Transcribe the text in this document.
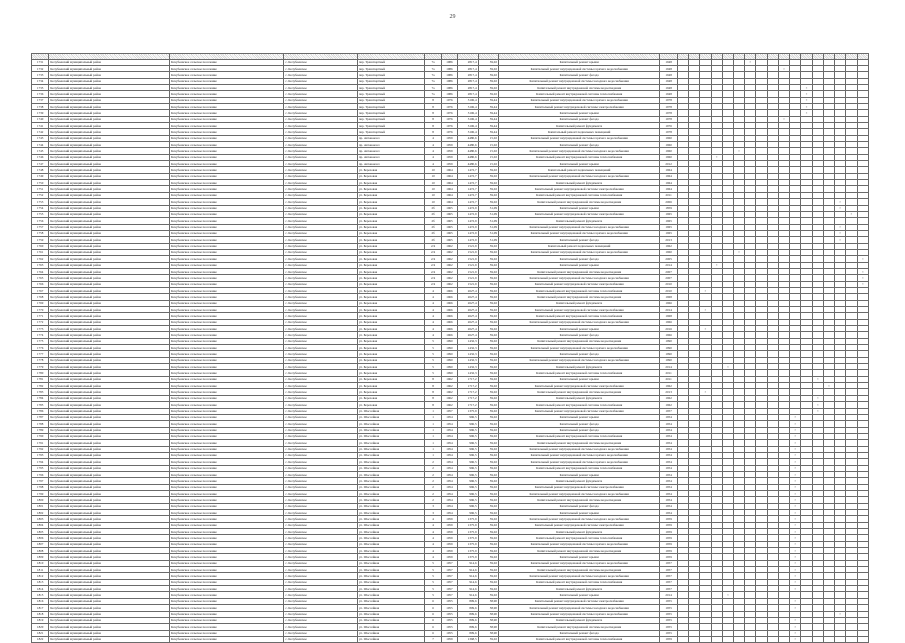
29

1731	Кочубеевский муниципальный район	Кочубеевское сельское поселение	с. Кочубеевское	пер. Транспортный	7а	1986	2817,4	59,02	Капитальный ремонт крыши	1948							×										
1732	Кочубеевский муниципальный район	Кочубеевское сельское поселение	с. Кочубеевское	пер. Транспортный	7а	1986	2817,4	59,02	Капитальный ремонт внутридомовой системы горячего водоснабжения	1948										×							
1733	Кочубеевский муниципальный район	Кочубеевское сельское поселение	с. Кочубеевское	пер. Транспортный	7а	1986	2817,4	59,02	Капитальный ремонт фасада	1948																	
1734	Кочубеевский муниципальный район	Кочубеевское сельское поселение	с. Кочубеевское	пер. Транспортный	7а	1986	2817,4	59,02	Капитальный ремонт внутридомовой системы холодного водоснабжения	1948																	
1735	Кочубеевский муниципальный район	Кочубеевское сельское поселение	с. Кочубеевское	пер. Транспортный	7а	1986	2817,4	59,02	Капитальный ремонт внутридомовой системы водоотведения	1948												×					
1736	Кочубеевский муниципальный район	Кочубеевское сельское поселение	с. Кочубеевское	пер. Транспортный	7а	1986	2817,4	59,02	Капитальный ремонт внутридомовой системы теплоснабжения	1948												×					
1737	Кочубеевский муниципальный район	Кочубеевское сельское поселение	с. Кочубеевское	пер. Транспортный	8	1976	3106,4	59,44	Капитальный ремонт внутридомовой системы горячего водоснабжения	1978												×					
1738	Кочубеевский муниципальный район	Кочубеевское сельское поселение	с. Кочубеевское	пер. Транспортный	8	1976	3106,4	59,44	Капитальный ремонт внутридомовой системы электроснабжения	1978												×					
1739	Кочубеевский муниципальный район	Кочубеевское сельское поселение	с. Кочубеевское	пер. Транспортный	8	1976	3106,4	59,44	Капитальный ремонт крыши	1978												×					
1740	Кочубеевский муниципальный район	Кочубеевское сельское поселение	с. Кочубеевское	пер. Транспортный	8	1976	3106,4	59,44	Капитальный ремонт фасада	1978										×							
1741	Кочубеевский муниципальный район	Кочубеевское сельское поселение	с. Кочубеевское	пер. Транспортный	8	1976	3106,4	59,44	Капитальный ремонт фундамента	1976																	
1742	Кочубеевский муниципальный район	Кочубеевское сельское поселение	с. Кочубеевское	пер. Транспортный	8	1976	3106,4	59,44	Капитальный ремонт подвальных помещений	1978																	
1743	Кочубеевский муниципальный район	Кочубеевское сельское поселение	с. Кочубеевское	пр. Автовокзал	4	1959	4480,6	15,02	Капитальный ремонт внутридомовой системы горячего водоснабжения	1960																	
1744	Кочубеевский муниципальный район	Кочубеевское сельское поселение	с. Кочубеевское	пр. Автовокзал	4	1959	4480,6	15,02	Капитальный ремонт фасада	1960																	
1745	Кочубеевский муниципальный район	Кочубеевское сельское поселение	с. Кочубеевское	пр. Автовокзал	4	1959	4480,6	15,02	Капитальный ремонт внутридомовой системы холодного водоснабжения	1960						×											
1746	Кочубеевский муниципальный район	Кочубеевское сельское поселение	с. Кочубеевское	пр. Автовокзал	4	1959	4480,6	15,02	Капитальный ремонт внутридомовой системы теплоснабжения	1960				×													
1747	Кочубеевский муниципальный район	Кочубеевское сельское поселение	с. Кочубеевское	пр. Автовокзал	4	1959	4480,6	15,02	Капитальный ремонт крыши	2012																	
1748	Кочубеевский муниципальный район	Кочубеевское сельское поселение	с. Кочубеевское	ул. Березовая	10	1964	1472,7	59,02	Капитальный ремонт подвальных помещений	1964																	
1749	Кочубеевский муниципальный район	Кочубеевское сельское поселение	с. Кочубеевское	ул. Березовая	10	1964	1472,7	59,02	Капитальный ремонт внутридомовой системы холодного водоснабжения	1964																	
1750	Кочубеевский муниципальный район	Кочубеевское сельское поселение	с. Кочубеевское	ул. Березовая	10	1964	1472,7	59,02	Капитальный ремонт фундамента	1964																	
1751	Кочубеевский муниципальный район	Кочубеевское сельское поселение	с. Кочубеевское	ул. Березовая	10	1964	1472,7	59,02	Капитальный ремонт внутридомовой системы электроснабжения	1964																	
1752	Кочубеевский муниципальный район	Кочубеевское сельское поселение	с. Кочубеевское	ул. Березовая	10	1964	1472,7	59,02	Капитальный ремонт внутридомовой системы теплоснабжения	2011																	
1753	Кочубеевский муниципальный район	Кочубеевское сельское поселение	с. Кочубеевское	ул. Березовая	10	1964	1472,7	59,02	Капитальный ремонт внутридомовой системы водоотведения	2006															×		
1754	Кочубеевский муниципальный район	Кочубеевское сельское поселение	с. Кочубеевское	ул. Березовая	2б	1965	1472,9	31,09	Капитальный ремонт крыши	1859															×		
1755	Кочубеевский муниципальный район	Кочубеевское сельское поселение	с. Кочубеевское	ул. Березовая	2б	1965	1472,9	31,09	Капитальный ремонт внутридомовой системы электроснабжения	1965																×	
1756	Кочубеевский муниципальный район	Кочубеевское сельское поселение	с. Кочубеевское	ул. Березовая	2б	1965	1472,9	31,09	Капитальный ремонт фундамента	1965																	
1757	Кочубеевский муниципальный район	Кочубеевское сельское поселение	с. Кочубеевское	ул. Березовая	2б	1965	1472,9	31,09	Капитальный ремонт внутридомовой системы холодного водоснабжения	1965															×		
1758	Кочубеевский муниципальный район	Кочубеевское сельское поселение	с. Кочубеевское	ул. Березовая	2б	1965	1472,9	31,09	Капитальный ремонт внутридомовой системы горячего водоснабжения	1965															×		
1759	Кочубеевский муниципальный район	Кочубеевское сельское поселение	с. Кочубеевское	ул. Березовая	2б	1965	1472,9	31,09	Капитальный ремонт фасада	2013															×		
1760	Кочубеевский муниципальный район	Кочубеевское сельское поселение	с. Кочубеевское	ул. Березовая	2/4	1962	1521,9	59,02	Капитальный ремонт подвальных помещений	1962																	
1761	Кочубеевский муниципальный район	Кочубеевское сельское поселение	с. Кочубеевское	ул. Березовая	2/4	1962	1521,9	59,02	Капитальный ремонт внутридомовой системы горячего водоснабжения	1960						×											
1762	Кочубеевский муниципальный район	Кочубеевское сельское поселение	с. Кочубеевское	ул. Березовая	2/4	1962	1521,9	59,02	Капитальный ремонт фасада	2005																	×
1763	Кочубеевский муниципальный район	Кочубеевское сельское поселение	с. Кочубеевское	ул. Березовая	2/4	1962	1521,9	59,02	Капитальный ремонт крыши	2014				×													
1764	Кочубеевский муниципальный район	Кочубеевское сельское поселение	с. Кочубеевское	ул. Березовая	2/4	1962	1521,9	59,02	Капитальный ремонт внутридомовой системы водоотведения	2007																	×
1765	Кочубеевский муниципальный район	Кочубеевское сельское поселение	с. Кочубеевское	ул. Березовая	2/4	1962	1521,9	59,02	Капитальный ремонт внутридомовой системы холодного водоснабжения	2007																	×
1766	Кочубеевский муниципальный район	Кочубеевское сельское поселение	с. Кочубеевское	ул. Березовая	2/4	1962	1521,9	59,02	Капитальный ремонт внутридомовой системы электроснабжения	2010																	×
1767	Кочубеевский муниципальный район	Кочубеевское сельское поселение	с. Кочубеевское	ул. Березовая	4	1966	2627,4	59,02	Капитальный ремонт внутридомовой системы теплоснабжения	2010			×														
1768	Кочубеевский муниципальный район	Кочубеевское сельское поселение	с. Кочубеевское	ул. Березовая	4	1966	2627,4	59,02	Капитальный ремонт внутридомовой системы водоотведения	1968																	
1769	Кочубеевский муниципальный район	Кочубеевское сельское поселение	с. Кочубеевское	ул. Березовая	4	1966	2627,4	59,02	Капитальный ремонт фундамента	1966																	
1770	Кочубеевский муниципальный район	Кочубеевское сельское поселение	с. Кочубеевское	ул. Березовая	4	1966	2627,4	59,02	Капитальный ремонт внутридомовой системы электроснабжения	2014			×														
1771	Кочубеевский муниципальный район	Кочубеевское сельское поселение	с. Кочубеевское	ул. Березовая	4	1966	2627,4	59,02	Капитальный ремонт внутридомовой системы теплоснабжения	1968																	
1772	Кочубеевский муниципальный район	Кочубеевское сельское поселение	с. Кочубеевское	ул. Березовая	4	1966	2627,4	59,02	Капитальный ремонт внутридомовой системы холодного водоснабжения	1966																	
1773	Кочубеевский муниципальный район	Кочубеевское сельское поселение	с. Кочубеевское	ул. Березовая	4	1966	2627,4	59,02	Капитальный ремонт крыши	2016			×														
1774	Кочубеевский муниципальный район	Кочубеевское сельское поселение	с. Кочубеевское	ул. Березовая	4	1966	2627,4	59,02	Капитальный ремонт фасада	1966																	
1775	Кочубеевский муниципальный район	Кочубеевское сельское поселение	с. Кочубеевское	ул. Березовая	5	1990	1432,3	59,02	Капитальный ремонт внутридомовой системы водоотведения	1990																	
1776	Кочубеевский муниципальный район	Кочубеевское сельское поселение	с. Кочубеевское	ул. Березовая	5	1990	1432,3	59,02	Капитальный ремонт внутридомовой системы горячего водоснабжения	1990																	
1777	Кочубеевский муниципальный район	Кочубеевское сельское поселение	с. Кочубеевское	ул. Березовая	5	1990	1432,3	59,02	Капитальный ремонт фасада	1990																	
1778	Кочубеевский муниципальный район	Кочубеевское сельское поселение	с. Кочубеевское	ул. Березовая	5	1990	1432,3	59,02	Капитальный ремонт внутридомовой системы холодного водоснабжения	1990																	
1779	Кочубеевский муниципальный район	Кочубеевское сельское поселение	с. Кочубеевское	ул. Березовая	5	1990	1432,3	59,02	Капитальный ремонт фундамента	2014					×												
1780	Кочубеевский муниципальный район	Кочубеевское сельское поселение	с. Кочубеевское	ул. Березовая	5	1990	1432,3	59,02	Капитальный ремонт внутридомовой системы теплоснабжения	2011																	
1781	Кочубеевский муниципальный район	Кочубеевское сельское поселение	с. Кочубеевское	ул. Березовая	8	1962	1717,2	59,02	Капитальный ремонт крыши	2011													×				
1782	Кочубеевский муниципальный район	Кочубеевское сельское поселение	с. Кочубеевское	ул. Березовая	8	1962	1717,2	59,02	Капитальный ремонт внутридомовой системы электроснабжения	1962														×			
1783	Кочубеевский муниципальный район	Кочубеевское сельское поселение	с. Кочубеевское	ул. Березовая	8	1962	1717,2	59,02	Капитальный ремонт внутридомовой системы водоотведения	2013			×														
1784	Кочубеевский муниципальный район	Кочубеевское сельское поселение	с. Кочубеевское	ул. Березовая	8	1962	1717,2	59,02	Капитальный ремонт фундамента	1962													×				
1785	Кочубеевский муниципальный район	Кочубеевское сельское поселение	с. Кочубеевское	ул. Березовая	8	1962	1717,2	59,02	Капитальный ремонт внутридомовой системы теплоснабжения	1962													×				
1786	Кочубеевский муниципальный район	Кочубеевское сельское поселение	с. Кочубеевское	ул. Шоссейная	1	1957	1375,9	59,02	Капитальный ремонт внутридомовой системы электроснабжения	1957													×				
1787	Кочубеевский муниципальный район	Кочубеевское сельское поселение	с. Кочубеевское	ул. Шоссейная	1	1954	996,5	59,02	Капитальный ремонт крыши	1954											×						
1788	Кочубеевский муниципальный район	Кочубеевское сельское поселение	с. Кочубеевское	ул. Шоссейная	1	1954	996,5	59,02	Капитальный ремонт фасада	1954											×						
1789	Кочубеевский муниципальный район	Кочубеевское сельское поселение	с. Кочубеевское	ул. Шоссейная	1	1954	996,5	59,02	Капитальный ремонт фасада	1954											×						
1790	Кочубеевский муниципальный район	Кочубеевское сельское поселение	с. Кочубеевское	ул. Шоссейная	1	1954	996,5	59,02	Капитальный ремонт внутридомовой системы теплоснабжения	1954											×						
1791	Кочубеевский муниципальный район	Кочубеевское сельское поселение	с. Кочубеевское	ул. Шоссейная	1	1954	996,5	59,02	Капитальный ремонт внутридомовой системы водоотведения	1954											×						
1792	Кочубеевский муниципальный район	Кочубеевское сельское поселение	с. Кочубеевское	ул. Шоссейная	1	1954	996,5	59,02	Капитальный ремонт внутридомовой системы холодного водоснабжения	1954											×						
1793	Кочубеевский муниципальный район	Кочубеевское сельское поселение	с. Кочубеевское	ул. Шоссейная	1	1954	996,5	59,02	Капитальный ремонт внутридомовой системы горячего водоснабжения	1954											×						
1794	Кочубеевский муниципальный район	Кочубеевское сельское поселение	с. Кочубеевское	ул. Шоссейная	2	1954	996,5	59,02	Капитальный ремонт внутридомовой системы горячего водоснабжения	1954											×						
1795	Кочубеевский муниципальный район	Кочубеевское сельское поселение	с. Кочубеевское	ул. Шоссейная	2	1954	996,5	59,02	Капитальный ремонт внутридомовой системы теплоснабжения	1954											×						
1796	Кочубеевский муниципальный район	Кочубеевское сельское поселение	с. Кочубеевское	ул. Шоссейная	2	1954	996,5	59,02	Капитальный ремонт крыши	1954											×						
1797	Кочубеевский муниципальный район	Кочубеевское сельское поселение	с. Кочубеевское	ул. Шоссейная	2	1954	996,5	59,02	Капитальный ремонт фундамента	1954											×						
1798	Кочубеевский муниципальный район	Кочубеевское сельское поселение	с. Кочубеевское	ул. Шоссейная	2	1954	996,5	59,02	Капитальный ремонт внутридомовой системы электроснабжения	1954											×						
1799	Кочубеевский муниципальный район	Кочубеевское сельское поселение	с. Кочубеевское	ул. Шоссейная	2	1954	996,5	59,02	Капитальный ремонт внутридомовой системы холодного водоснабжения	1954											×						
1800	Кочубеевский муниципальный район	Кочубеевское сельское поселение	с. Кочубеевское	ул. Шоссейная	2	1954	996,5	59,02	Капитальный ремонт внутридомовой системы водоотведения	1954											×						
1801	Кочубеевский муниципальный район	Кочубеевское сельское поселение	с. Кочубеевское	ул. Шоссейная	3	1954	996,5	59,02	Капитальный ремонт фасада	1954											×						
1802	Кочубеевский муниципальный район	Кочубеевское сельское поселение	с. Кочубеевское	ул. Шоссейная	3	1954	996,5	59,02	Капитальный ремонт крыши	1954											×						
1803	Кочубеевский муниципальный район	Кочубеевское сельское поселение	с. Кочубеевское	ул. Шоссейная	4	1959	1375,9	59,02	Капитальный ремонт внутридомовой системы холодного водоснабжения	1959											×						
1804	Кочубеевский муниципальный район	Кочубеевское сельское поселение	с. Кочубеевское	ул. Шоссейная	4	1959	1375,9	59,02	Капитальный ремонт внутридомовой системы электроснабжения	1959											×						
1805	Кочубеевский муниципальный район	Кочубеевское сельское поселение	с. Кочубеевское	ул. Шоссейная	4	1959	1375,9	59,02	Капитальный ремонт фундамента	1959											×						
1806	Кочубеевский муниципальный район	Кочубеевское сельское поселение	с. Кочубеевское	ул. Шоссейная	4	1959	1375,9	59,02	Капитальный ремонт внутридомовой системы теплоснабжения	1959											×						
1807	Кочубеевский муниципальный район	Кочубеевское сельское поселение	с. Кочубеевское	ул. Шоссейная	4	1959	1375,9	59,02	Капитальный ремонт внутридомовой системы горячего водоснабжения	1959											×						
1808	Кочубеевский муниципальный район	Кочубеевское сельское поселение	с. Кочубеевское	ул. Шоссейная	4	1959	1375,9	59,02	Капитальный ремонт внутридомовой системы водоотведения	1959											×						
1809	Кочубеевский муниципальный район	Кочубеевское сельское поселение	с. Кочубеевское	ул. Шоссейная	4	1959	1375,9	59,02	Капитальный ремонт крыши	1959											×						
1810	Кочубеевский муниципальный район	Кочубеевское сельское поселение	с. Кочубеевское	ул. Шоссейная	5	1957	914,6	59,02	Капитальный ремонт внутридомовой системы горячего водоснабжения	1957											×						
1811	Кочубеевский муниципальный район	Кочубеевское сельское поселение	с. Кочубеевское	ул. Шоссейная	5	1957	914,6	59,02	Капитальный ремонт внутридомовой системы водоотведения	1957											×						
1812	Кочубеевский муниципальный район	Кочубеевское сельское поселение	с. Кочубеевское	ул. Шоссейная	5	1957	914,6	59,02	Капитальный ремонт внутридомовой системы холодного водоснабжения	1957											×						
1813	Кочубеевский муниципальный район	Кочубеевское сельское поселение	с. Кочубеевское	ул. Шоссейная	5	1957	914,6	59,02	Капитальный ремонт внутридомовой системы теплоснабжения	1957											×						
1814	Кочубеевский муниципальный район	Кочубеевское сельское поселение	с. Кочубеевское	ул. Шоссейная	5	1957	914,6	59,02	Капитальный ремонт фундамента	1957											×						
1815	Кочубеевский муниципальный район	Кочубеевское сельское поселение	с. Кочубеевское	ул. Шоссейная	5	1957	914,6	59,02	Капитальный ремонт крыши	2014					×												
1816	Кочубеевский муниципальный район	Кочубеевское сельское поселение	с. Кочубеевское	ул. Шоссейная	6	1955	809,6	58,90	Капитальный ремонт внутридомовой системы электроснабжения	1955											×						
1817	Кочубеевский муниципальный район	Кочубеевское сельское поселение	с. Кочубеевское	ул. Шоссейная	6	1955	809,6	58,90	Капитальный ремонт внутридомовой системы холодного водоснабжения	1955											×						
1818	Кочубеевский муниципальный район	Кочубеевское сельское поселение	с. Кочубеевское	ул. Шоссейная	6	1955	809,6	58,90	Капитальный ремонт внутридомовой системы горячего водоснабжения	1955															×		
1819	Кочубеевский муниципальный район	Кочубеевское сельское поселение	с. Кочубеевское	ул. Шоссейная	6	1955	809,6	58,90	Капитальный ремонт фундамента	1955											×						
1820	Кочубеевский муниципальный район	Кочубеевское сельское поселение	с. Кочубеевское	ул. Шоссейная	6	1955	809,6	58,90	Капитальный ремонт внутридомовой системы водоотведения	1955											×						
1821	Кочубеевский муниципальный район	Кочубеевское сельское поселение	с. Кочубеевское	ул. Шоссейная	6	1955	809,6	58,90	Капитальный ремонт фасада	1955											×						
1822	Кочубеевский муниципальный район	Кочубеевское сельское поселение	с. Кочубеевское	ул. Шоссейная	7	1959	1368,5	59,02	Капитальный ремонт внутридомовой системы теплоснабжения	1959											×						
